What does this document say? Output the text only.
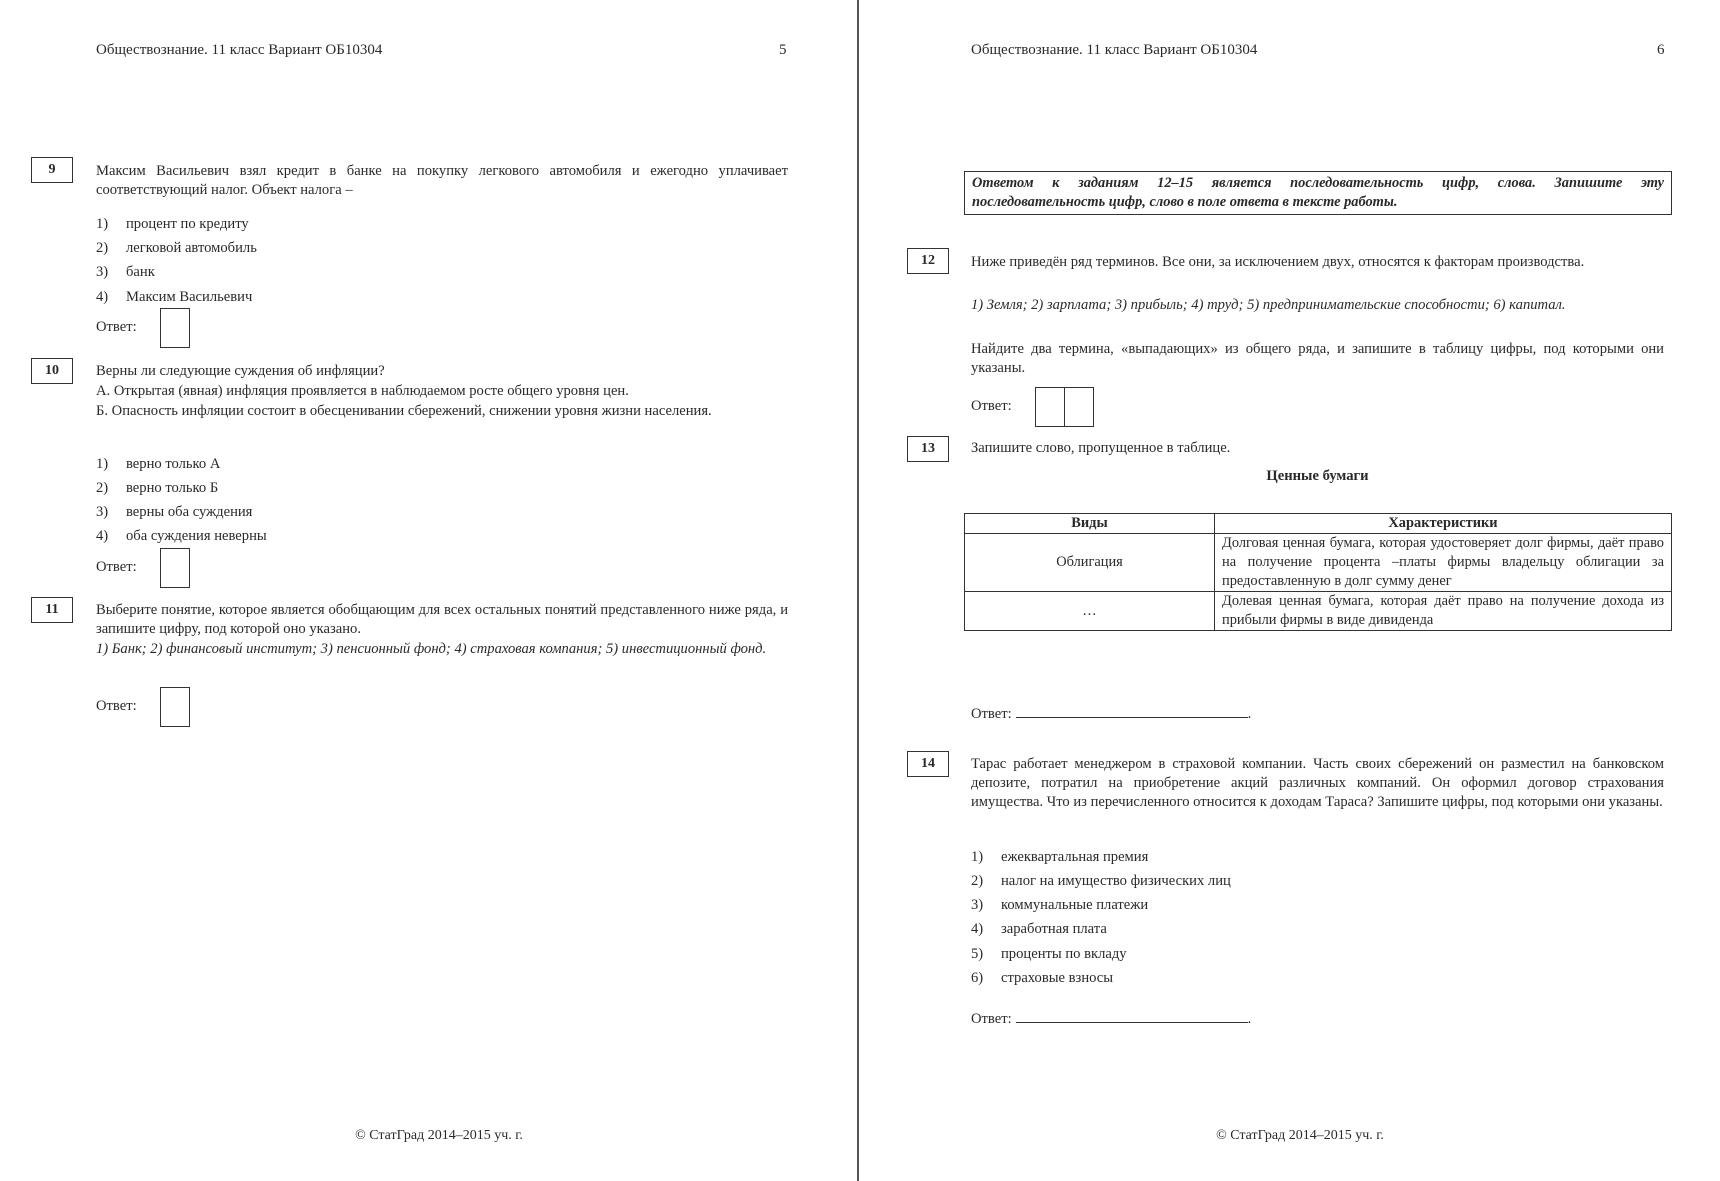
Обществознание. 11 класс Вариант ОБ10304	5
9	Максим Васильевич взял кредит в банке на покупку легкового автомобиля и ежегодно уплачивает соответствующий налог. Объект налога –
1) процент по кредиту
2) легковой автомобиль
3) банк
4) Максим Васильевич
Ответ:
10	Верны ли следующие суждения об инфляции?
А. Открытая (явная) инфляция проявляется в наблюдаемом росте общего уровня цен.
Б. Опасность инфляции состоит в обесценивании сбережений, снижении уровня жизни населения.
1) верно только А
2) верно только Б
3) верны оба суждения
4) оба суждения неверны
Ответ:
11	Выберите понятие, которое является обобщающим для всех остальных понятий представленного ниже ряда, и запишите цифру, под которой оно указано.
1) Банк; 2) финансовый институт; 3) пенсионный фонд; 4) страховая компания; 5) инвестиционный фонд.
Ответ:
© СтатГрад 2014–2015 уч. г.
Обществознание. 11 класс Вариант ОБ10304	6
Ответом к заданиям 12–15 является последовательность цифр, слова. Запишите эту последовательность цифр, слово в поле ответа в тексте работы.
12	Ниже приведён ряд терминов. Все они, за исключением двух, относятся к факторам производства.
1) Земля; 2) зарплата; 3) прибыль; 4) труд; 5) предпринимательские способности; 6) капитал.
Найдите два термина, «выпадающих» из общего ряда, и запишите в таблицу цифры, под которыми они указаны.
Ответ:
13	Запишите слово, пропущенное в таблице.
Ценные бумаги
Виды	Характеристики
Облигация	Долговая ценная бумага, которая удостоверяет долг фирмы, даёт право на получение процента –платы фирмы владельцу облигации за предоставленную в долг сумму денег
…	Долевая ценная бумага, которая даёт право на получение дохода из прибыли фирмы в виде дивиденда
Ответ:	.
14	Тарас работает менеджером в страховой компании. Часть своих сбережений он разместил на банковском депозите, потратил на приобретение акций различных компаний. Он оформил договор страхования имущества. Что из перечисленного относится к доходам Тараса? Запишите цифры, под которыми они указаны.
1) ежеквартальная премия
2) налог на имущество физических лиц
3) коммунальные платежи
4) заработная плата
5) проценты по вкладу
6) страховые взносы
Ответ:	.
© СтатГрад 2014–2015 уч. г.
